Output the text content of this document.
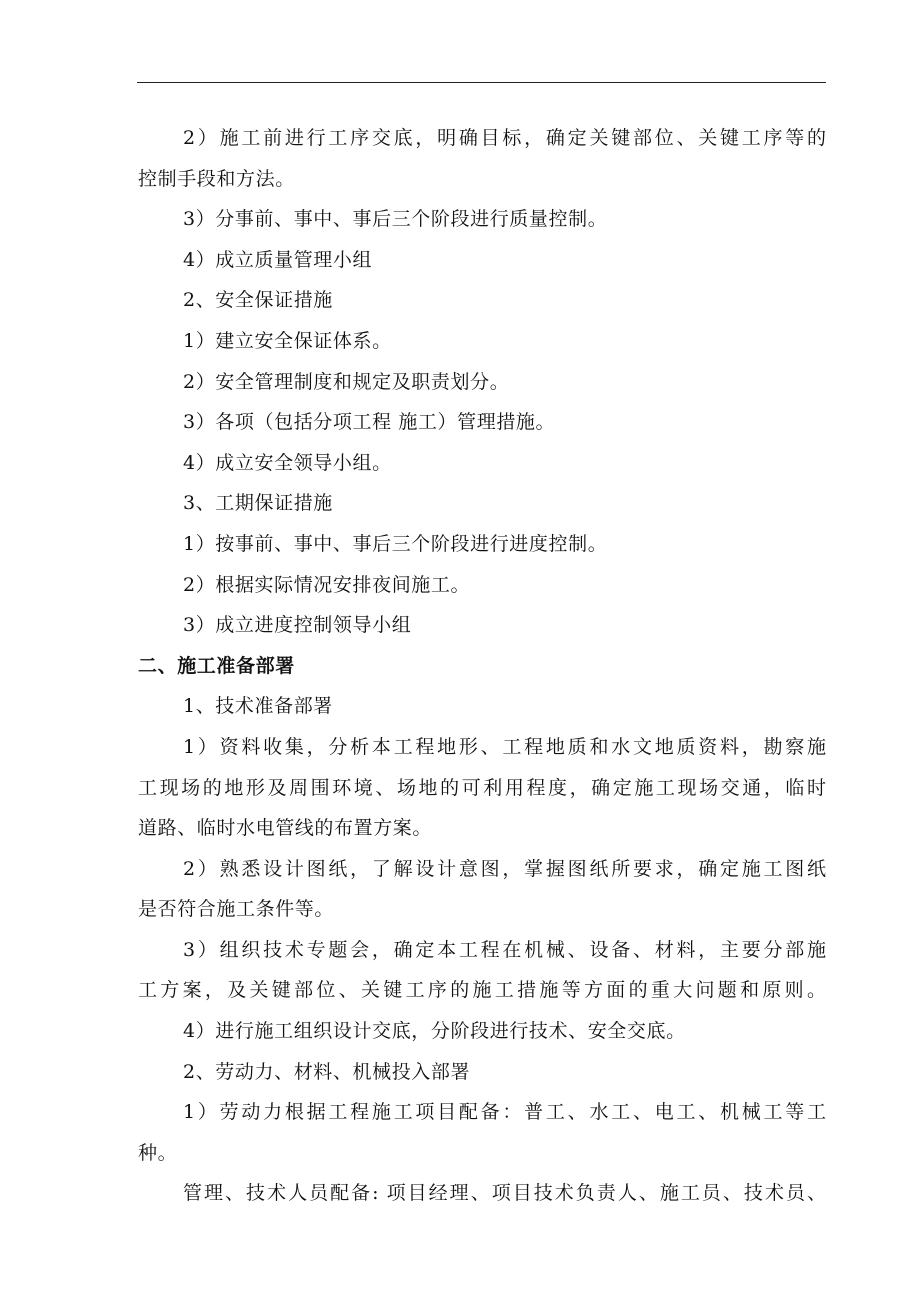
2）施工前进行工序交底，明确目标，确定关键部位、关键工序等的
控制手段和方法。
3）分事前、事中、事后三个阶段进行质量控制。
4）成立质量管理小组
2、安全保证措施
1）建立安全保证体系。
2）安全管理制度和规定及职责划分。
3）各项（包括分项工程 施工）管理措施。
4）成立安全领导小组。
3、工期保证措施
1）按事前、事中、事后三个阶段进行进度控制。
2）根据实际情况安排夜间施工。
3）成立进度控制领导小组
二、施工准备部署
1、技术准备部署
1）资料收集，分析本工程地形、工程地质和水文地质资料，勘察施
工现场的地形及周围环境、场地的可利用程度，确定施工现场交通，临时
道路、临时水电管线的布置方案。
2）熟悉设计图纸，了解设计意图，掌握图纸所要求，确定施工图纸
是否符合施工条件等。
3）组织技术专题会，确定本工程在机械、设备、材料，主要分部施
工方案，及关键部位、关键工序的施工措施等方面的重大问题和原则。
4）进行施工组织设计交底，分阶段进行技术、安全交底。
2、劳动力、材料、机械投入部署
1）劳动力根据工程施工项目配备：普工、水工、电工、机械工等工
种。
管理、技术人员配备: 项目经理、项目技术负责人、施工员、技术员、
